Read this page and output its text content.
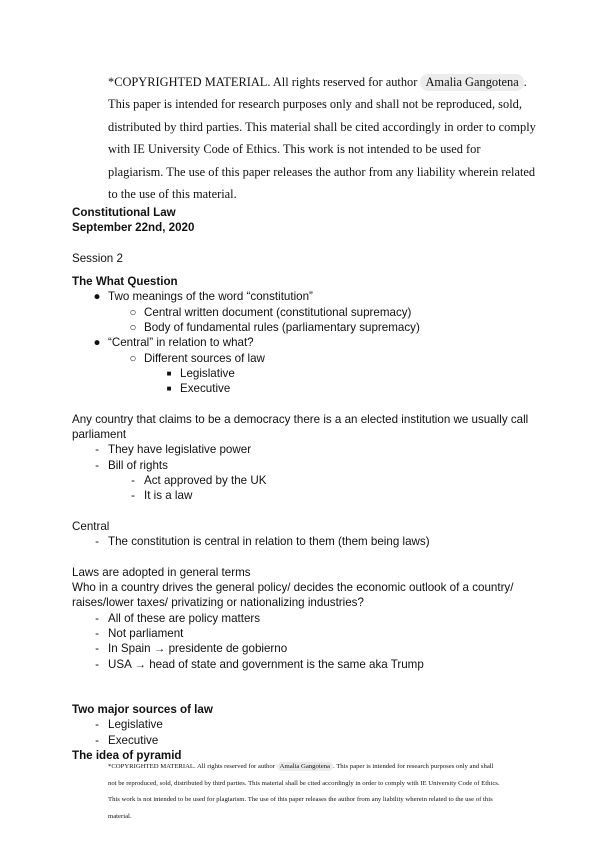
*COPYRIGHTED MATERIAL. All rights reserved for author Amalia Gangotena .
This paper is intended for research purposes only and shall not be reproduced, sold,
distributed by third parties. This material shall be cited accordingly in order to comply
with IE University Code of Ethics. This work is not intended to be used for
plagiarism. The use of this paper releases the author from any liability wherein related
to the use of this material.
Constitutional Law
September 22nd, 2020
Session 2
The What Question
● Two meanings of the word “constitution”
○ Central written document (constitutional supremacy)
○ Body of fundamental rules (parliamentary supremacy)
● “Central” in relation to what?
○ Different sources of law
■ Legislative
■ Executive
Any country that claims to be a democracy there is a an elected institution we usually call
parliament
- They have legislative power
- Bill of rights
- Act approved by the UK
- It is a law
Central
- The constitution is central in relation to them (them being laws)
Laws are adopted in general terms
Who in a country drives the general policy/ decides the economic outlook of a country/
raises/lower taxes/ privatizing or nationalizing industries?
- All of these are policy matters
- Not parliament
- In Spain → presidente de gobierno
- USA → head of state and government is the same aka Trump
Two major sources of law
- Legislative
- Executive
The idea of pyramid
*COPYRIGHTED MATERIAL. All rights reserved for author Amalia Gangotena . This paper is intended for research purposes only and shall
not be reproduced, sold, distributed by third parties. This material shall be cited accordingly in order to comply with IE University Code of Ethics.
This work is not intended to be used for plagiarism. The use of this paper releases the author from any liability wherein related to the use of this
material.
